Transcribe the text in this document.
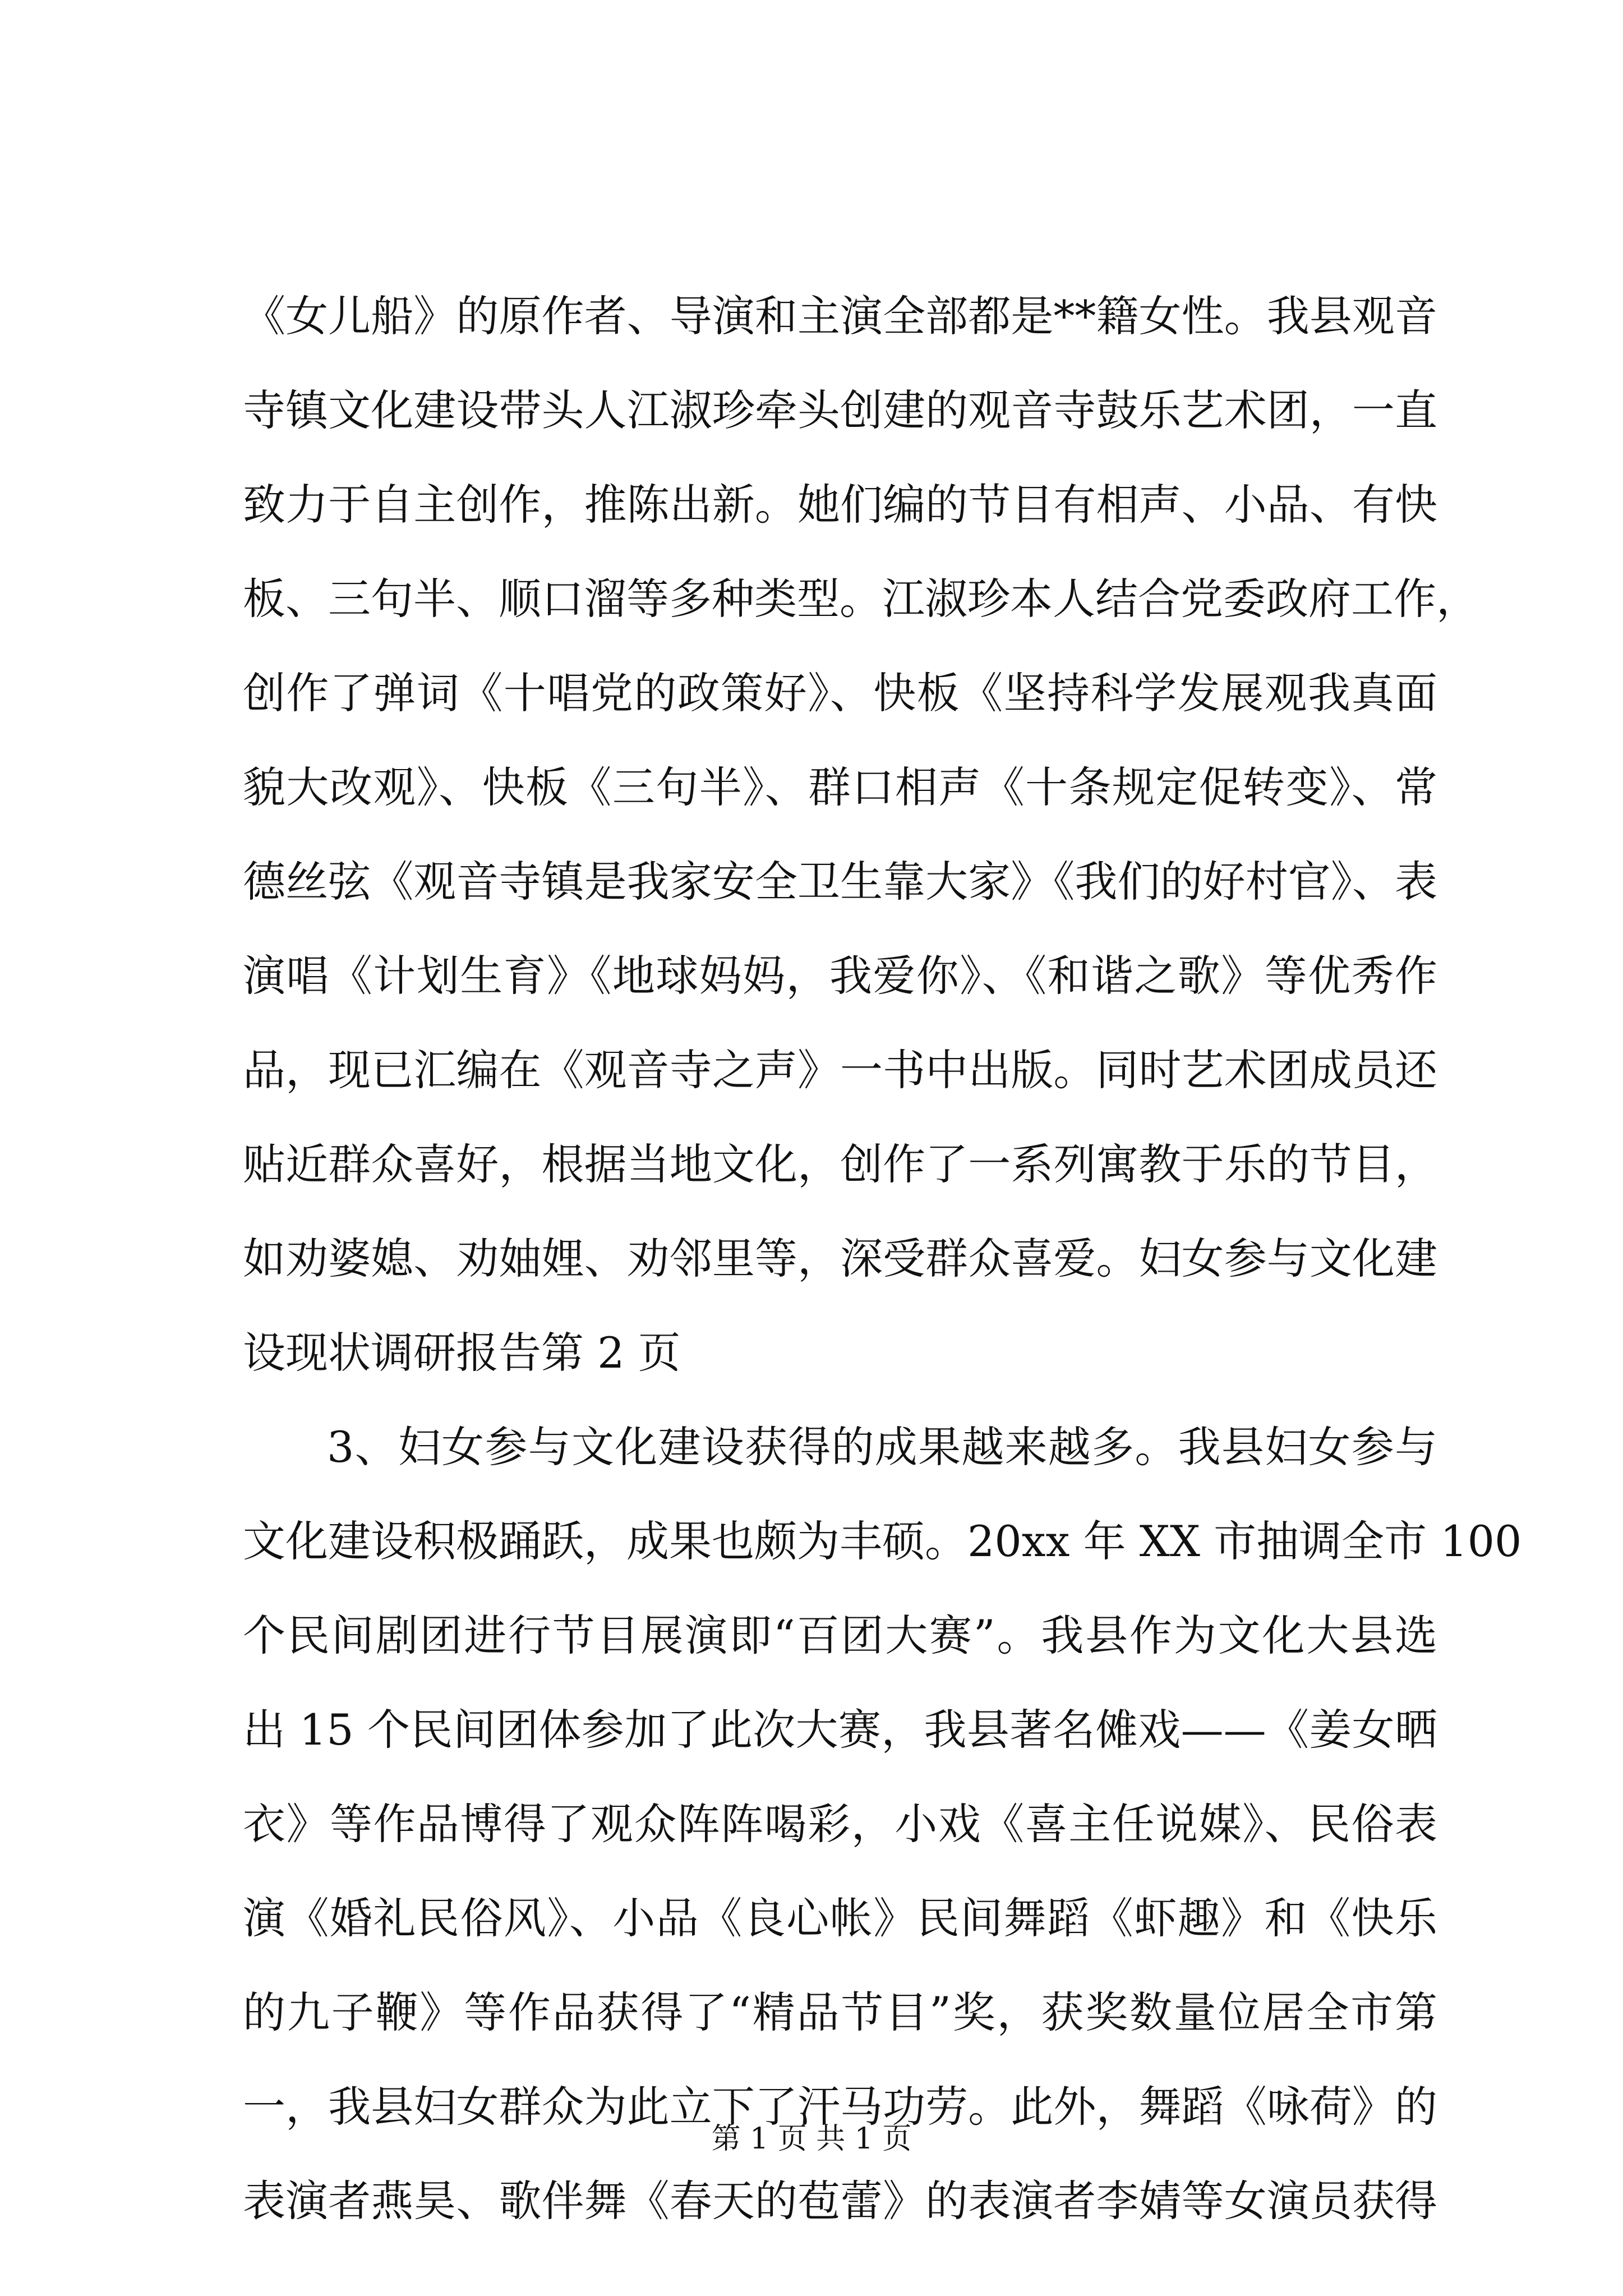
《女儿船》的原作者、导演和主演全部都是**籍女性。我县观音
寺镇文化建设带头人江淑珍牵头创建的观音寺鼓乐艺术团，一直
致力于自主创作，推陈出新。她们编的节目有相声、小品、有快
板、三句半、顺口溜等多种类型。江淑珍本人结合党委政府工作，
创作了弹词《十唱党的政策好》、快板《坚持科学发展观我真面
貌大改观》、快板《三句半》、群口相声《十条规定促转变》、常
德丝弦《观音寺镇是我家安全卫生靠大家》《我们的好村官》、表
演唱《计划生育》《地球妈妈，我爱你》、《和谐之歌》等优秀作
品，现已汇编在《观音寺之声》一书中出版。同时艺术团成员还
贴近群众喜好，根据当地文化，创作了一系列寓教于乐的节目，
如劝婆媳、劝妯娌、劝邻里等，深受群众喜爱。妇女参与文化建
设现状调研报告第 2 页
3、妇女参与文化建设获得的成果越来越多。我县妇女参与
文化建设积极踊跃，成果也颇为丰硕。20xx 年 XX 市抽调全市 100
个民间剧团进行节目展演即“百团大赛”。我县作为文化大县选
出 15 个民间团体参加了此次大赛，我县著名傩戏——《姜女晒
衣》等作品博得了观众阵阵喝彩，小戏《喜主任说媒》、民俗表
演《婚礼民俗风》、小品《良心帐》民间舞蹈《虾趣》和《快乐
的九子鞭》等作品获得了“精品节目”奖，获奖数量位居全市第
一，我县妇女群众为此立下了汗马功劳。此外，舞蹈《咏荷》的
表演者燕昊、歌伴舞《春天的苞蕾》的表演者李婧等女演员获得
第 1 页 共 1 页
